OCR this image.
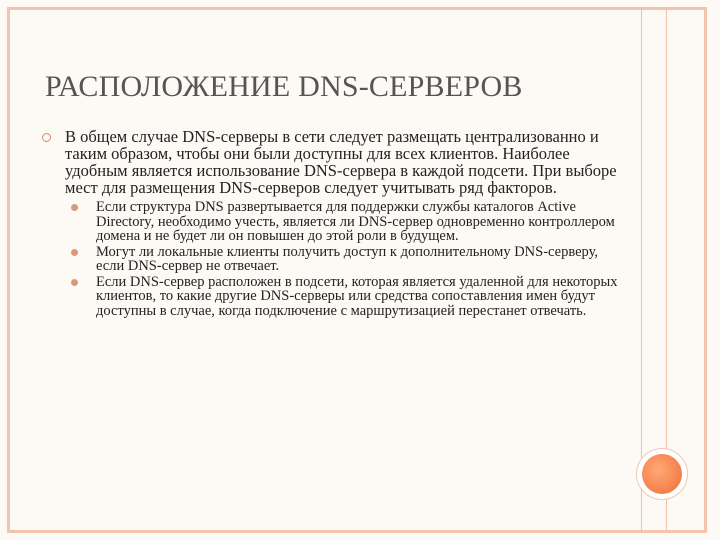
РАСПОЛОЖЕНИЕ DNS-СЕРВЕРОВ

В общем случае DNS-серверы в сети следует размещать централизованно и таким образом, чтобы они были доступны для всех клиентов. Наиболее удобным является использование DNS-сервера в каждой подсети. При выборе мест для размещения DNS-серверов следует учитывать ряд факторов.

Если структура DNS развертывается для поддержки службы каталогов Active Directory, необходимо учесть, является ли DNS-сервер одновременно контроллером домена и не будет ли он повышен до этой роли в будущем.

Могут ли локальные клиенты получить доступ к дополнительному DNS-серверу, если DNS-сервер не отвечает.

Если DNS-сервер расположен в подсети, которая является удаленной для некоторых клиентов, то какие другие DNS-серверы или средства сопоставления имен будут доступны в случае, когда подключение с маршрутизацией перестанет отвечать.
